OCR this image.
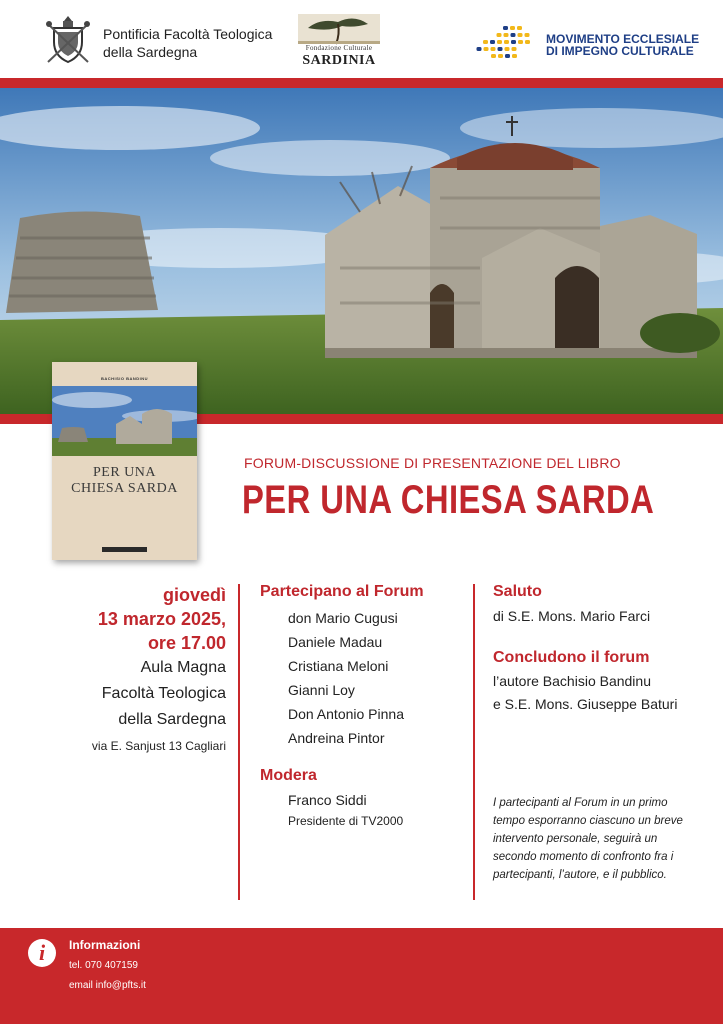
Pontificia Facoltà Teologica
della Sardegna	Fondazione Culturale
SARDINIA
MOVIMENTO ECCLESIALE
DI IMPEGNO CULTURALE
BACHISIO BANDINU
PER UNA
CHIESA SARDA
FORUM-DISCUSSIONE DI PRESENTAZIONE DEL LIBRO
PER UNA CHIESA SARDA
giovedì
13 marzo 2025,
ore 17.00
Aula Magna
Facoltà Teologica
della Sardegna
via E. Sanjust 13 Cagliari
Partecipano al Forum
don Mario Cugusi
Daniele Madau
Cristiana Meloni
Gianni Loy
Don Antonio Pinna
Andreina Pintor
Modera
Franco Siddi
Presidente di TV2000
Saluto
di S.E. Mons. Mario Farci
Concludono il forum
l’autore Bachisio Bandinu
e S.E. Mons. Giuseppe Baturi
I partecipanti al Forum in un primo
tempo esporranno ciascuno un breve
intervento personale, seguirà un
secondo momento di confronto fra i
partecipanti, l’autore, e il pubblico.
i	Informazioni
tel. 070 407159
email info@pfts.it
